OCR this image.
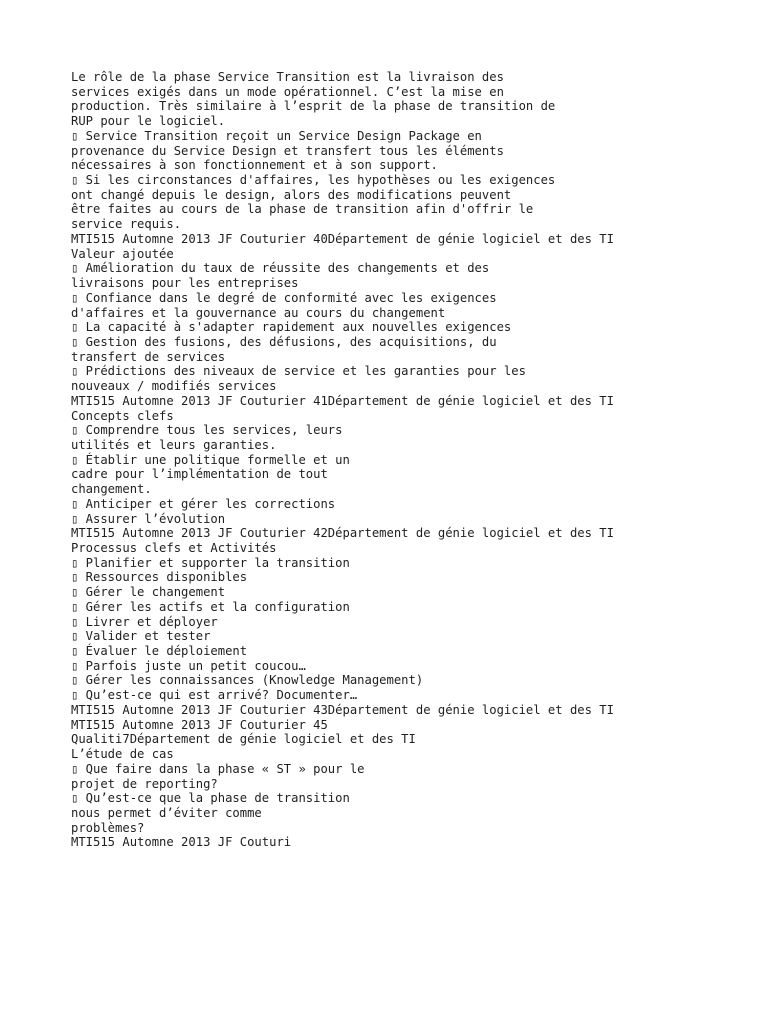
Le rôle de la phase Service Transition est la livraison des
services exigés dans un mode opérationnel. C’est la mise en
production. Très similaire à l’esprit de la phase de transition de
RUP pour le logiciel.
▯ Service Transition reçoit un Service Design Package en
provenance du Service Design et transfert tous les éléments
nécessaires à son fonctionnement et à son support.
▯ Si les circonstances d'affaires, les hypothèses ou les exigences
ont changé depuis le design, alors des modifications peuvent
être faites au cours de la phase de transition afin d'offrir le
service requis.
MTI515 Automne 2013 JF Couturier 40Département de génie logiciel et des TI
Valeur ajoutée
▯ Amélioration du taux de réussite des changements et des
livraisons pour les entreprises
▯ Confiance dans le degré de conformité avec les exigences
d'affaires et la gouvernance au cours du changement
▯ La capacité à s'adapter rapidement aux nouvelles exigences
▯ Gestion des fusions, des défusions, des acquisitions, du
transfert de services
▯ Prédictions des niveaux de service et les garanties pour les
nouveaux / modifiés services
MTI515 Automne 2013 JF Couturier 41Département de génie logiciel et des TI
Concepts clefs
▯ Comprendre tous les services, leurs
utilités et leurs garanties.
▯ Établir une politique formelle et un
cadre pour l’implémentation de tout
changement.
▯ Anticiper et gérer les corrections
▯ Assurer l’évolution
MTI515 Automne 2013 JF Couturier 42Département de génie logiciel et des TI
Processus clefs et Activités
▯ Planifier et supporter la transition
▯ Ressources disponibles
▯ Gérer le changement
▯ Gérer les actifs et la configuration
▯ Livrer et déployer
▯ Valider et tester
▯ Évaluer le déploiement
▯ Parfois juste un petit coucou…
▯ Gérer les connaissances (Knowledge Management)
▯ Qu’est-ce qui est arrivé? Documenter…
MTI515 Automne 2013 JF Couturier 43Département de génie logiciel et des TI
MTI515 Automne 2013 JF Couturier 45
Qualiti7Département de génie logiciel et des TI
L’étude de cas
▯ Que faire dans la phase « ST » pour le
projet de reporting?
▯ Qu’est-ce que la phase de transition
nous permet d’éviter comme
problèmes?
MTI515 Automne 2013 JF Couturi
